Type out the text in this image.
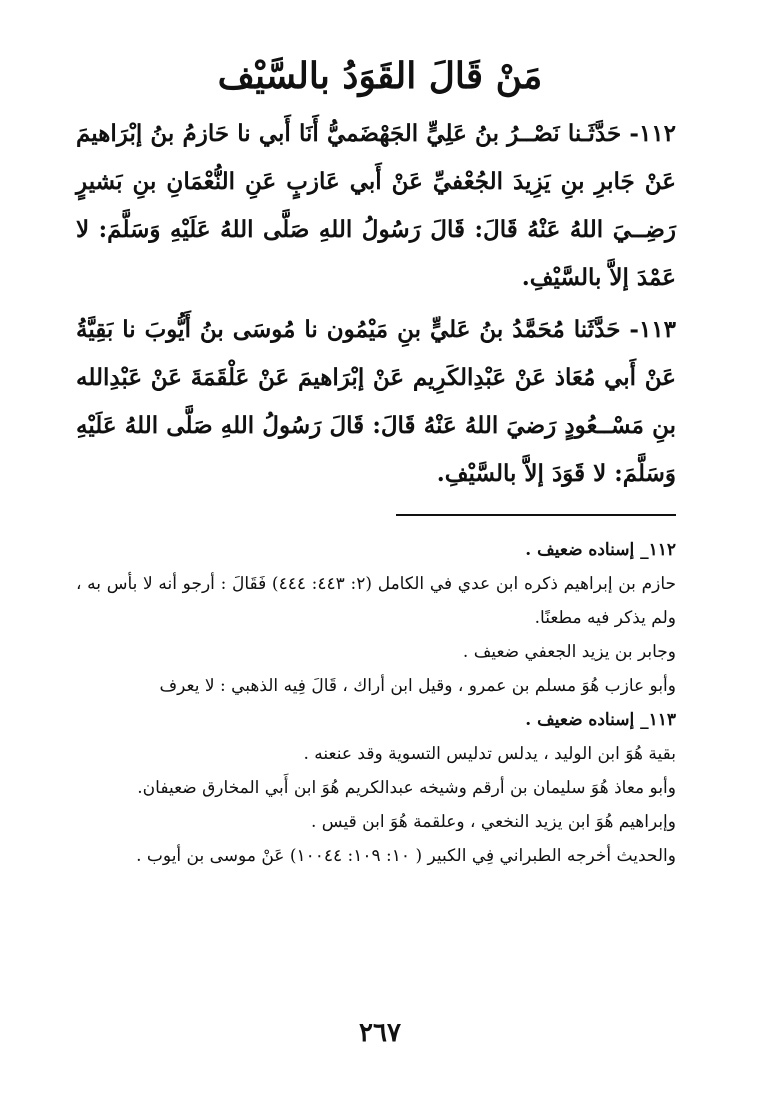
مَنْ قَالَ القَوَدُ بالسَّيْف

١١٢- حَدَّثَـنا نَصْــرُ بنُ عَلِيٍّ الجَهْضَميُّ أَنَا أَبي نا حَازمُ بنُ إبْرَاهيمَ عَنْ جَابرِ بنِ يَزِيدَ الجُعْفيِّ عَنْ أَبي عَازبٍ عَنِ النُّعْمَانِ بنِ بَشيرٍ رَضِــيَ اللهُ عَنْهُ قَالَ: قَالَ رَسُولُ اللهِ صَلَّى اللهُ عَلَيْهِ وَسَلَّمَ: لا عَمْدَ إلاَّ بالسَّيْفِ.

١١٣- حَدَّثَنا مُحَمَّدُ بنُ عَليٍّ بنِ مَيْمُون نا مُوسَى بنُ أَيُّوبَ نا بَقِيَّةُ عَنْ أَبي مُعَاذ عَنْ عَبْدِالكَرِيم عَنْ إبْرَاهيمَ عَنْ عَلْقَمَةَ عَنْ عَبْدِالله بنِ مَسْــعُودٍ رَضيَ اللهُ عَنْهُ قَالَ: قَالَ رَسُولُ اللهِ صَلَّى اللهُ عَلَيْهِ وَسَلَّمَ: لا قَوَدَ إلاَّ بالسَّيْفِ.

١١٢_ إسناده ضعيف .

حازم بن إبراهيم ذكره ابن عدي في الكامل (٢: ٤٤٣: ٤٤٤) فَقَالَ : أرجو أنه لا بأس به ، ولم يذكر فيه مطعنًا.

وجابر بن يزيد الجعفي ضعيف .

وأبو عازب هُوَ مسلم بن عمرو ، وقيل ابن أراك ، قَالَ فِيه الذهبي : لا يعرف

١١٣_ إسناده ضعيف .

بقية هُوَ ابن الوليد ، يدلس تدليس التسوية وقد عنعنه .

وأبو معاذ هُوَ سليمان بن أرقم وشيخه عبدالكريم هُوَ ابن أَبي المخارق ضعيفان.

وإبراهيم هُوَ ابن يزيد النخعي ، وعلقمة هُوَ ابن قيس .

والحديث أخرجه الطبراني فِي الكبير ( ١٠: ١٠٩: ١٠٠٤٤) عَنْ موسى بن أيوب .

٢٦٧
